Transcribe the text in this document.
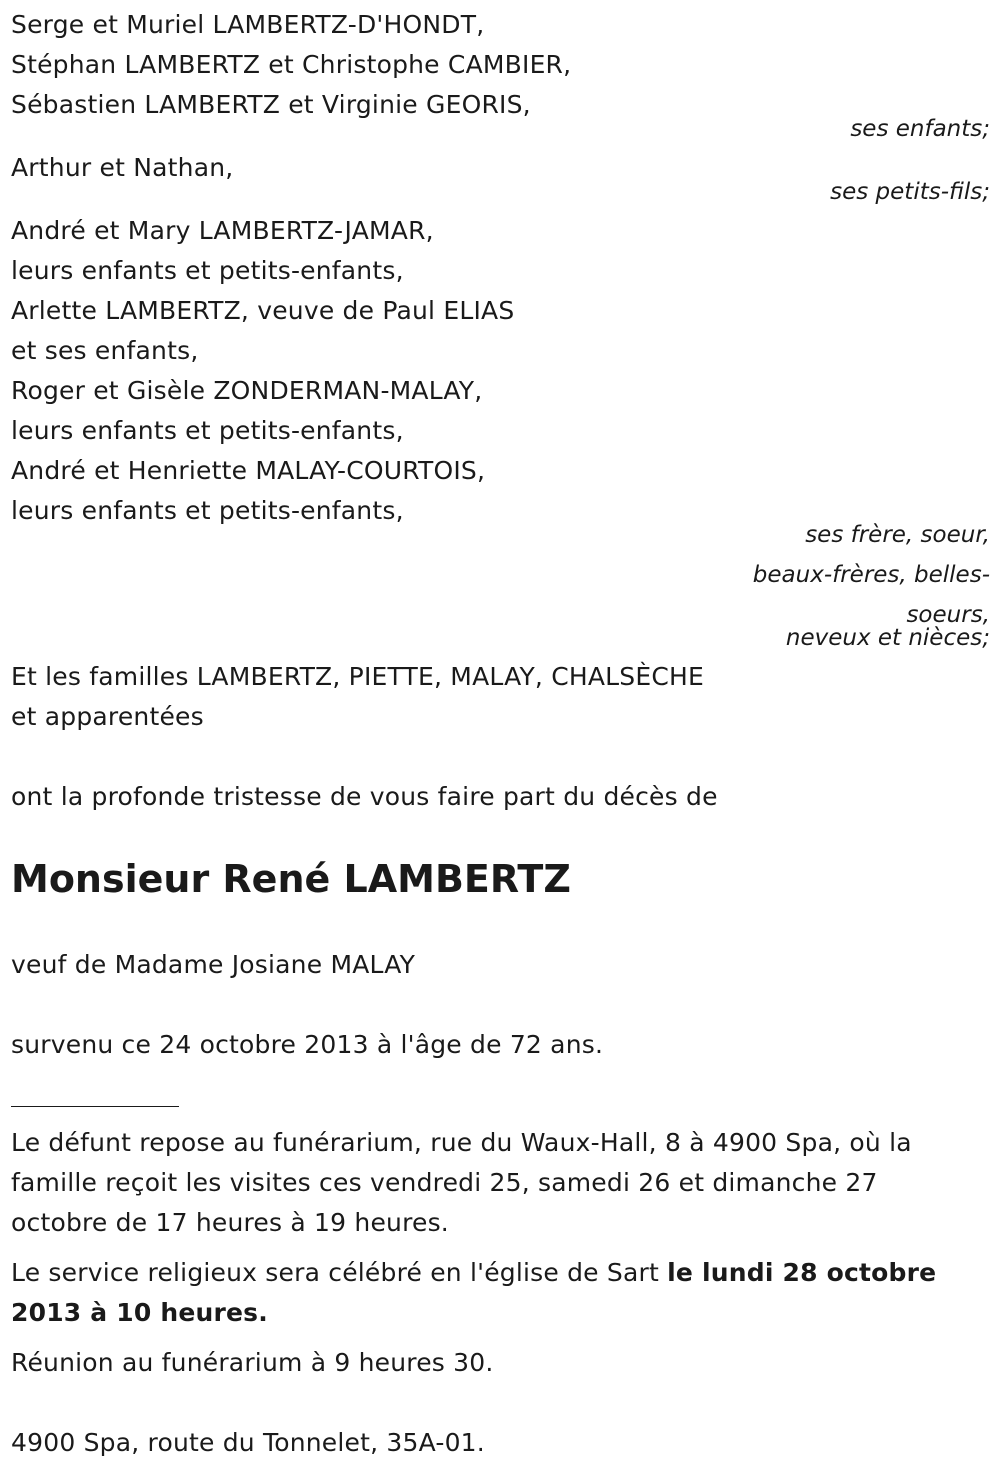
Serge et Muriel LAMBERTZ-D'HONDT,
Stéphan LAMBERTZ et Christophe CAMBIER,
Sébastien LAMBERTZ et Virginie GEORIS,
ses enfants;
Arthur et Nathan,
ses petits-fils;
André et Mary LAMBERTZ-JAMAR,
leurs enfants et petits-enfants,
Arlette LAMBERTZ, veuve de Paul ELIAS
et ses enfants,
Roger et Gisèle ZONDERMAN-MALAY,
leurs enfants et petits-enfants,
André et Henriette MALAY-COURTOIS,
leurs enfants et petits-enfants,
ses frère, soeur,
beaux-frères, belles-
soeurs,
neveux et nièces;
Et les familles LAMBERTZ, PIETTE, MALAY, CHALSÈCHE
et apparentées
ont la profonde tristesse de vous faire part du décès de
Monsieur René LAMBERTZ
veuf de Madame Josiane MALAY
survenu ce 24 octobre 2013 à l'âge de 72 ans.
Le défunt repose au funérarium, rue du Waux-Hall, 8 à 4900 Spa, où la
famille reçoit les visites ces vendredi 25, samedi 26 et dimanche 27
octobre de 17 heures à 19 heures.
Le service religieux sera célébré en l'église de Sart le lundi 28 octobre
2013 à 10 heures.
Réunion au funérarium à 9 heures 30.
4900 Spa, route du Tonnelet, 35A-01.
